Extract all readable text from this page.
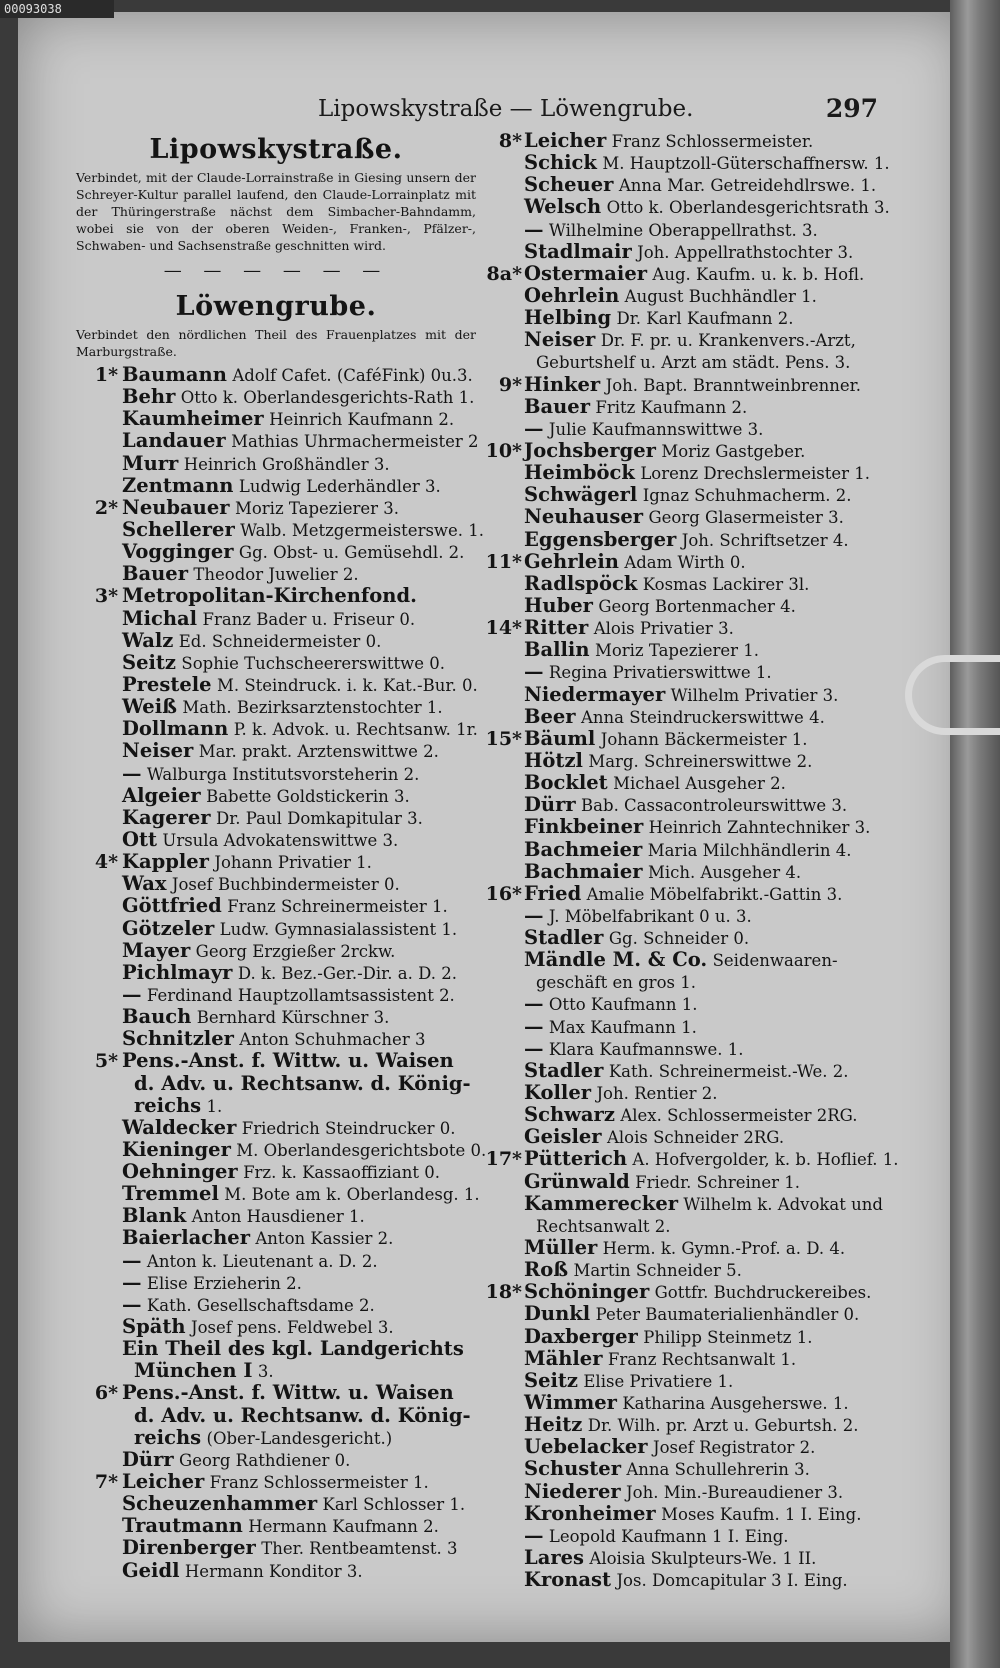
Lipowskystraße — Löwengrube.	297
Lipowskystraße.
Verbindet, mit der Claude-Lorrainstraße in Giesing unsern der Schreyer-Kultur parallel laufend, den Claude-Lorrainplatz mit der Thüringerstraße nächst dem Simbacher-Bahndamm, wobei sie von der oberen Weiden-, Franken-, Pfälzer-, Schwaben- und Sachsenstraße geschnitten wird.
— — — — — —
Löwengrube.
Verbindet den nördlichen Theil des Frauenplatzes mit der Marburgstraße.
1* Baumann Adolf Cafet. (CaféFink) 0u.3.
Behr Otto k. Oberlandesgerichts-Rath 1.
Kaumheimer Heinrich Kaufmann 2.
Landauer Mathias Uhrmachermeister 2
Murr Heinrich Großhändler 3.
Zentmann Ludwig Lederhändler 3.
2* Neubauer Moriz Tapezierer 3.
Schellerer Walb. Metzgermeisterswe. 1.
Vogginger Gg. Obst- u. Gemüsehdl. 2.
Bauer Theodor Juwelier 2.
3* Metropolitan-Kirchenfond.
Michal Franz Bader u. Friseur 0.
Walz Ed. Schneidermeister 0.
Seitz Sophie Tuchscheererswittwe 0.
Prestele M. Steindruck. i. k. Kat.-Bur. 0.
Weiß Math. Bezirksarztenstochter 1.
Dollmann P. k. Advok. u. Rechtsanw. 1r.
Neiser Mar. prakt. Arztenswittwe 2.
— Walburga Institutsvorsteherin 2.
Algeier Babette Goldstickerin 3.
Kagerer Dr. Paul Domkapitular 3.
Ott Ursula Advokatenswittwe 3.
4* Kappler Johann Privatier 1.
Wax Josef Buchbindermeister 0.
Göttfried Franz Schreinermeister 1.
Götzeler Ludw. Gymnasialassistent 1.
Mayer Georg Erzgießer 2rckw.
Pichlmayr D. k. Bez.-Ger.-Dir. a. D. 2.
— Ferdinand Hauptzollamtsassistent 2.
Bauch Bernhard Kürschner 3.
Schnitzler Anton Schuhmacher 3
5* Pens.-Anst. f. Wittw. u. Waisen
d. Adv. u. Rechtsanw. d. König-
reichs 1.
Waldecker Friedrich Steindrucker 0.
Kieninger M. Oberlandesgerichtsbote 0.
Oehninger Frz. k. Kassaoffiziant 0.
Tremmel M. Bote am k. Oberlandesg. 1.
Blank Anton Hausdiener 1.
Baierlacher Anton Kassier 2.
— Anton k. Lieutenant a. D. 2.
— Elise Erzieherin 2.
— Kath. Gesellschaftsdame 2.
Späth Josef pens. Feldwebel 3.
Ein Theil des kgl. Landgerichts
München I 3.
6* Pens.-Anst. f. Wittw. u. Waisen
d. Adv. u. Rechtsanw. d. König-
reichs (Ober-Landesgericht.)
Dürr Georg Rathdiener 0.
7* Leicher Franz Schlossermeister 1.
Scheuzenhammer Karl Schlosser 1.
Trautmann Hermann Kaufmann 2.
Direnberger Ther. Rentbeamtenst. 3
Geidl Hermann Konditor 3.
8* Leicher Franz Schlossermeister.
Schick M. Hauptzoll-Güterschaffnersw. 1.
Scheuer Anna Mar. Getreidehdlrswe. 1.
Welsch Otto k. Oberlandesgerichtsrath 3.
— Wilhelmine Oberappellrathst. 3.
Stadlmair Joh. Appellrathstochter 3.
8a* Ostermaier Aug. Kaufm. u. k. b. Hofl.
Oehrlein August Buchhändler 1.
Helbing Dr. Karl Kaufmann 2.
Neiser Dr. F. pr. u. Krankenvers.-Arzt,
Geburtshelf u. Arzt am städt. Pens. 3.
9* Hinker Joh. Bapt. Branntweinbrenner.
Bauer Fritz Kaufmann 2.
— Julie Kaufmannswittwe 3.
10* Jochsberger Moriz Gastgeber.
Heimböck Lorenz Drechslermeister 1.
Schwägerl Ignaz Schuhmacherm. 2.
Neuhauser Georg Glasermeister 3.
Eggensberger Joh. Schriftsetzer 4.
11* Gehrlein Adam Wirth 0.
Radlspöck Kosmas Lackirer 3l.
Huber Georg Bortenmacher 4.
14* Ritter Alois Privatier 3.
Ballin Moriz Tapezierer 1.
— Regina Privatierswittwe 1.
Niedermayer Wilhelm Privatier 3.
Beer Anna Steindruckerswittwe 4.
15* Bäuml Johann Bäckermeister 1.
Hötzl Marg. Schreinerswittwe 2.
Bocklet Michael Ausgeher 2.
Dürr Bab. Cassacontroleurswittwe 3.
Finkbeiner Heinrich Zahntechniker 3.
Bachmeier Maria Milchhändlerin 4.
Bachmaier Mich. Ausgeher 4.
16* Fried Amalie Möbelfabrikt.-Gattin 3.
— J. Möbelfabrikant 0 u. 3.
Stadler Gg. Schneider 0.
Mändle M. & Co. Seidenwaaren-
geschäft en gros 1.
— Otto Kaufmann 1.
— Max Kaufmann 1.
— Klara Kaufmannswe. 1.
Stadler Kath. Schreinermeist.-We. 2.
Koller Joh. Rentier 2.
Schwarz Alex. Schlossermeister 2RG.
Geisler Alois Schneider 2RG.
17* Pütterich A. Hofvergolder, k. b. Hoflief. 1.
Grünwald Friedr. Schreiner 1.
Kammerecker Wilhelm k. Advokat und
Rechtsanwalt 2.
Müller Herm. k. Gymn.-Prof. a. D. 4.
Roß Martin Schneider 5.
18* Schöninger Gottfr. Buchdruckereibes.
Dunkl Peter Baumaterialienhändler 0.
Daxberger Philipp Steinmetz 1.
Mähler Franz Rechtsanwalt 1.
Seitz Elise Privatiere 1.
Wimmer Katharina Ausgeherswe. 1.
Heitz Dr. Wilh. pr. Arzt u. Geburtsh. 2.
Uebelacker Josef Registrator 2.
Schuster Anna Schullehrerin 3.
Niederer Joh. Min.-Bureaudiener 3.
Kronheimer Moses Kaufm. 1 I. Eing.
— Leopold Kaufmann 1 I. Eing.
Lares Aloisia Skulpteurs-We. 1 II.
Kronast Jos. Domcapitular 3 I. Eing.
00093038
